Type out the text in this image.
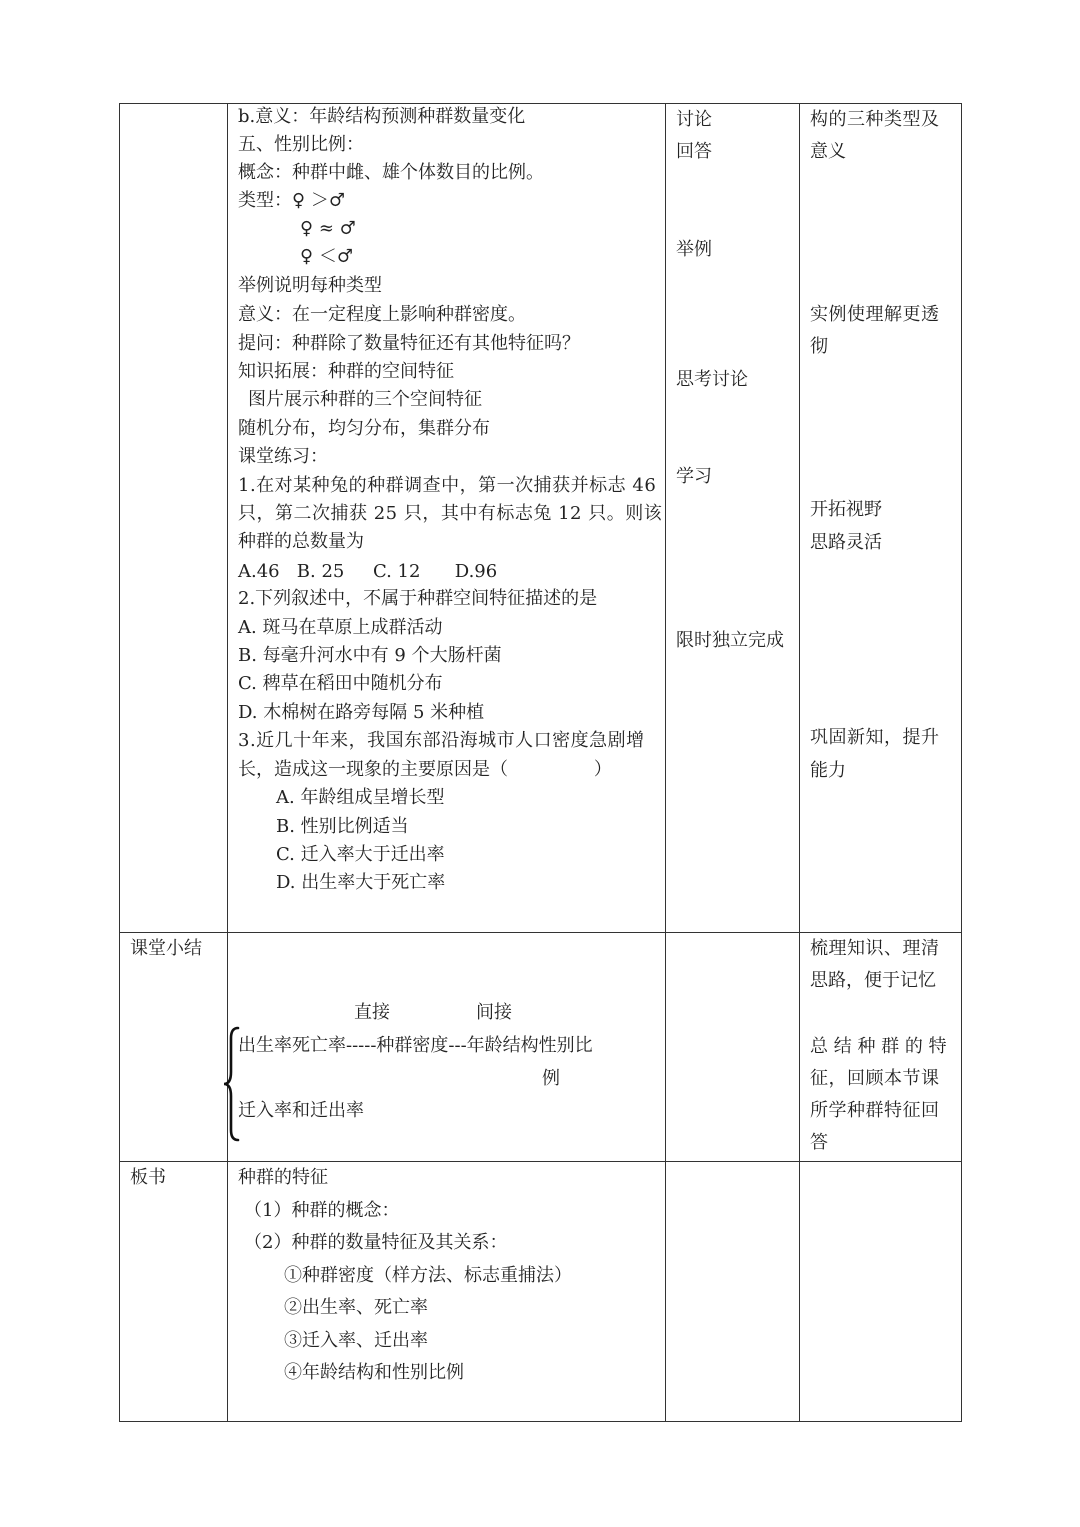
b.意义：年龄结构预测种群数量变化
五、性别比例：
概念：种群中雌、雄个体数目的比例。
类型：♀ ＞♂
♀ ≈ ♂
♀ ＜♂
举例说明每种类型
意义：在一定程度上影响种群密度。
提问：种群除了数量特征还有其他特征吗？
知识拓展：种群的空间特征
图片展示种群的三个空间特征
随机分布，均匀分布，集群分布
课堂练习：
1.在对某种兔的种群调查中，第一次捕获并标志 46
只，第二次捕获 25 只，其中有标志兔 12 只。则该
种群的总数量为
A.46   B. 25     C. 12      D.96
2.下列叙述中，不属于种群空间特征描述的是
A. 斑马在草原上成群活动
B. 每毫升河水中有 9 个大肠杆菌
C. 稗草在稻田中随机分布
D. 木棉树在路旁每隔 5 米种植
3.近几十年来，我国东部沿海城市人口密度急剧增
长，造成这一现象的主要原因是（               ）
A. 年龄组成呈增长型
B. 性别比例适当
C. 迁入率大于迁出率
D. 出生率大于死亡率
讨论
回答
举例
思考讨论
学习
限时独立完成
构的三种类型及
意义
实例使理解更透
彻
开拓视野
思路灵活
巩固新知，提升
能力
课堂小结
直接	间接
出生率死亡率-----种群密度---年龄结构性别比
例
迁入率和迁出率
梳理知识、理清
思路，便于记忆
总 结 种 群 的 特
征，回顾本节课
所学种群特征回
答
板书	种群的特征
（1）种群的概念：
（2）种群的数量特征及其关系：
①种群密度（样方法、标志重捕法）
②出生率、死亡率
③迁入率、迁出率
④年龄结构和性别比例
